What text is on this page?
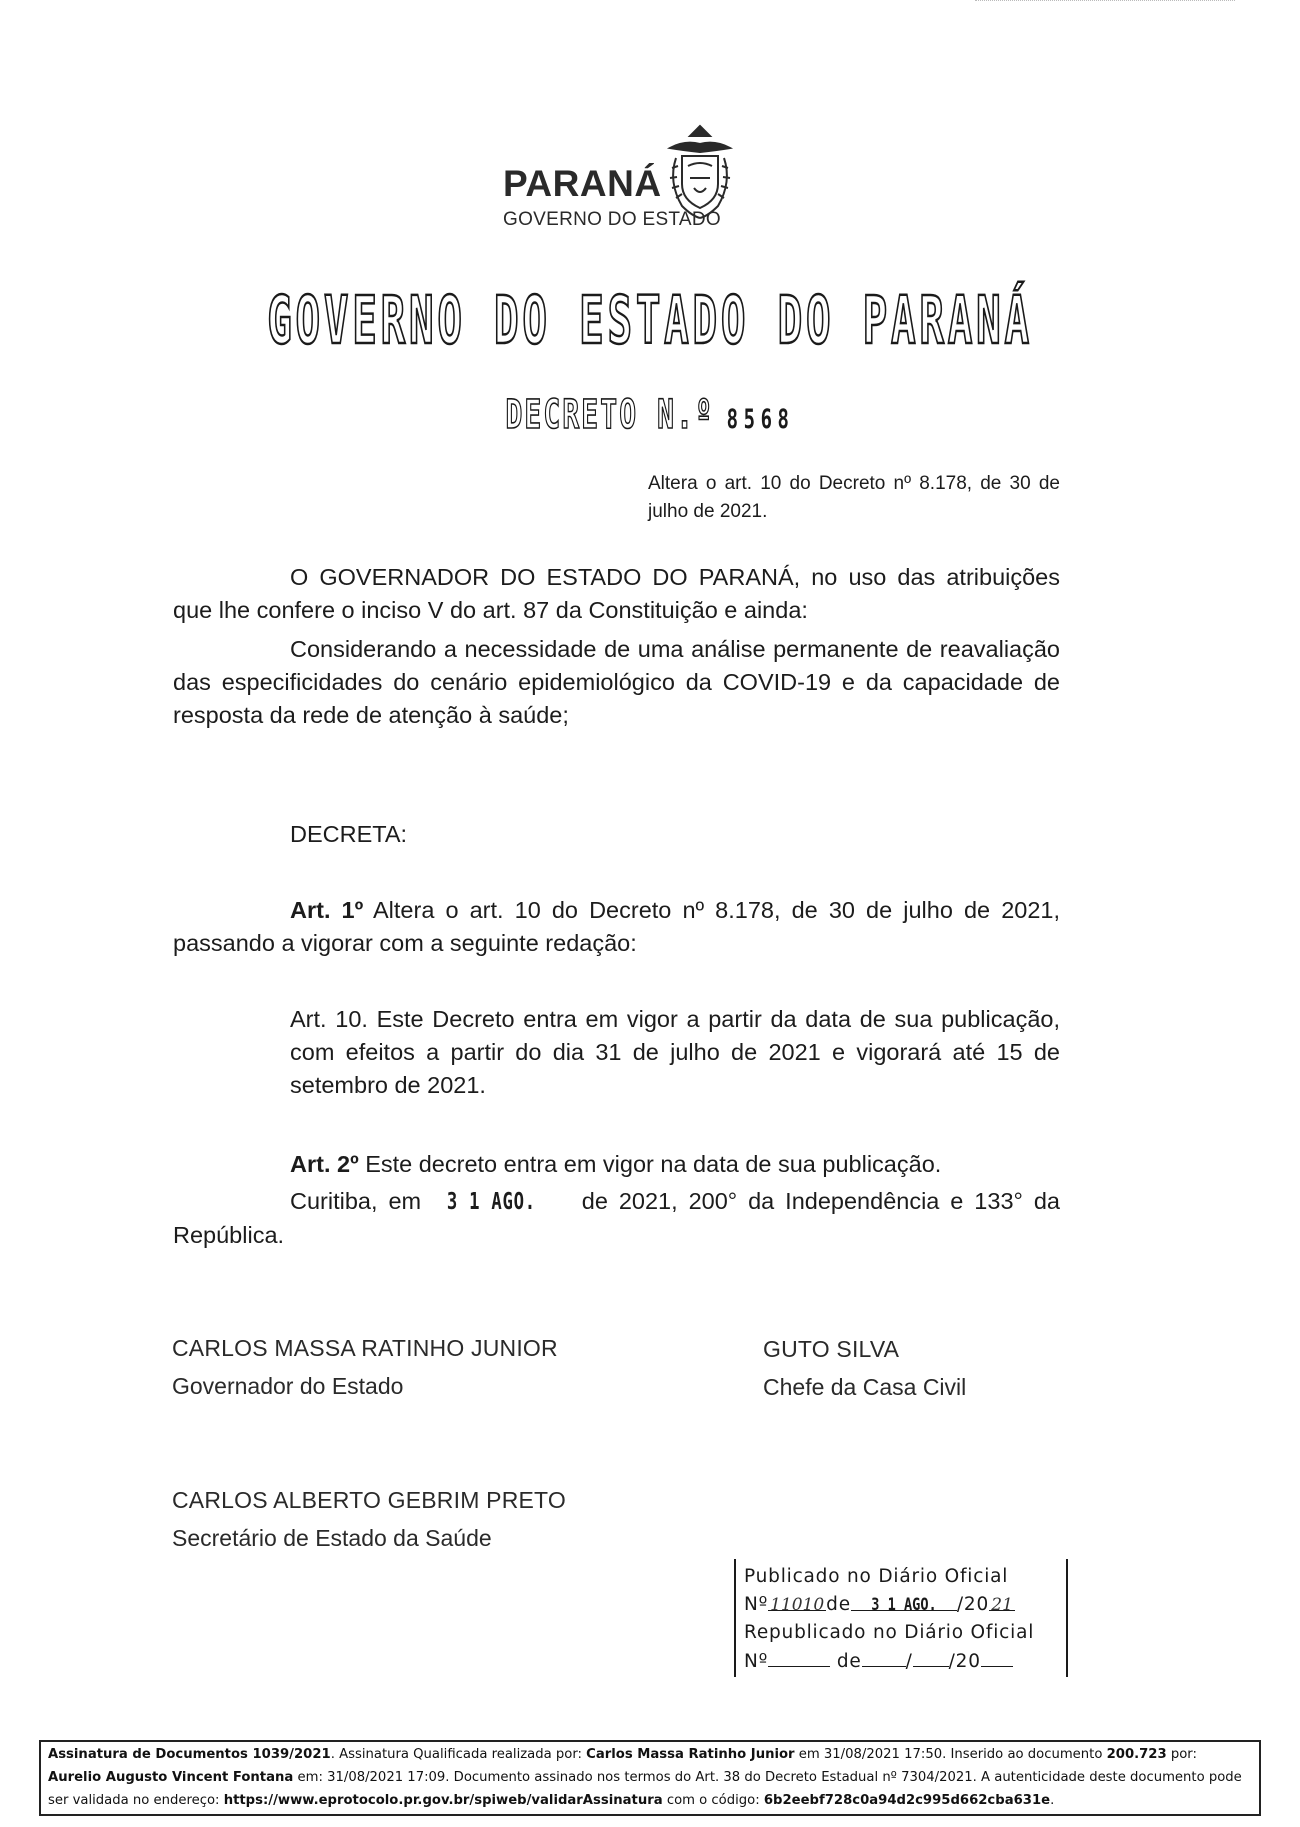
PARANÁ
GOVERNO DO ESTADO
GOVERNO DO ESTADO DO PARANÁ
DECRETO N.º 8568
Altera o art. 10 do Decreto nº 8.178, de 30 de julho de 2021.
O GOVERNADOR DO ESTADO DO PARANÁ, no uso das atribuições que lhe confere o inciso V do art. 87 da Constituição e ainda:
Considerando a necessidade de uma análise permanente de reavaliação das especificidades do cenário epidemiológico da COVID-19 e da capacidade de resposta da rede de atenção à saúde;
DECRETA:
Art. 1º Altera o art. 10 do Decreto nº 8.178, de 30 de julho de 2021, passando a vigorar com a seguinte redação:
Art. 10. Este Decreto entra em vigor a partir da data de sua publicação, com efeitos a partir do dia 31 de julho de 2021 e vigorará até 15 de setembro de 2021.
Art. 2º Este decreto entra em vigor na data de sua publicação.
Curitiba, em 3 1 AGO. de 2021, 200° da Independência e 133° da República.
CARLOS MASSA RATINHO JUNIOR
Governador do Estado
GUTO SILVA
Chefe da Casa Civil
CARLOS ALBERTO GEBRIM PRETO
Secretário de Estado da Saúde
Publicado no Diário Oficial
Nº 11010 de 3 1 AGO. /20 21
Republicado no Diário Oficial
Nº	de / /20
Assinatura de Documentos 1039/2021. Assinatura Qualificada realizada por: Carlos Massa Ratinho Junior em 31/08/2021 17:50. Inserido ao documento 200.723 por: Aurelio Augusto Vincent Fontana em: 31/08/2021 17:09. Documento assinado nos termos do Art. 38 do Decreto Estadual nº 7304/2021. A autenticidade deste documento pode ser validada no endereço: https://www.eprotocolo.pr.gov.br/spiweb/validarAssinatura com o código: 6b2eebf728c0a94d2c995d662cba631e.
